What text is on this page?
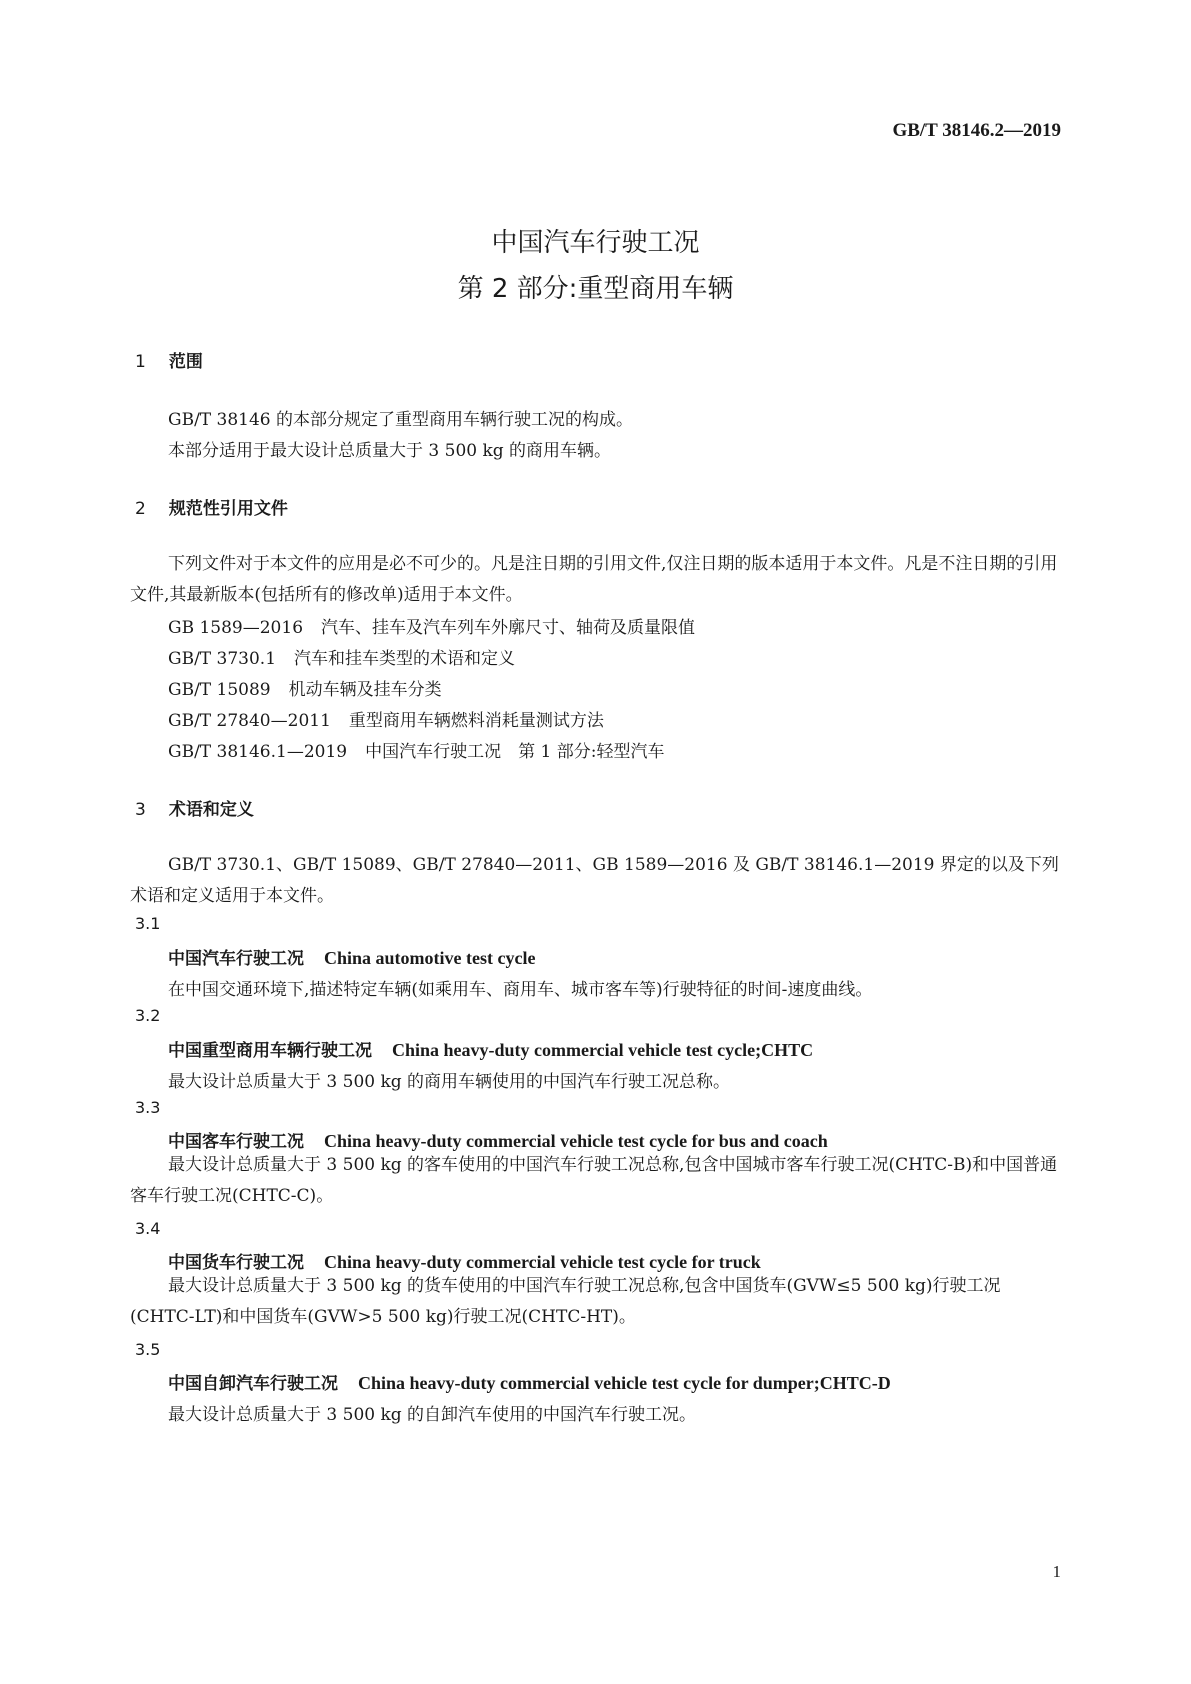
GB/T 38146.2—2019
中国汽车行驶工况
第 2 部分:重型商用车辆
1 范围
GB/T 38146 的本部分规定了重型商用车辆行驶工况的构成。
本部分适用于最大设计总质量大于 3 500 kg 的商用车辆。
2 规范性引用文件
下列文件对于本文件的应用是必不可少的。凡是注日期的引用文件,仅注日期的版本适用于本文件。凡是不注日期的引用文件,其最新版本(包括所有的修改单)适用于本文件。
GB 1589—2016 汽车、挂车及汽车列车外廓尺寸、轴荷及质量限值
GB/T 3730.1 汽车和挂车类型的术语和定义
GB/T 15089 机动车辆及挂车分类
GB/T 27840—2011 重型商用车辆燃料消耗量测试方法
GB/T 38146.1—2019 中国汽车行驶工况　第 1 部分:轻型汽车
3 术语和定义
GB/T 3730.1、GB/T 15089、GB/T 27840—2011、GB 1589—2016 及 GB/T 38146.1—2019 界定的以及下列术语和定义适用于本文件。
3.1
中国汽车行驶工况 China automotive test cycle
在中国交通环境下,描述特定车辆(如乘用车、商用车、城市客车等)行驶特征的时间-速度曲线。
3.2
中国重型商用车辆行驶工况 China heavy-duty commercial vehicle test cycle;CHTC
最大设计总质量大于 3 500 kg 的商用车辆使用的中国汽车行驶工况总称。
3.3
中国客车行驶工况 China heavy-duty commercial vehicle test cycle for bus and coach
最大设计总质量大于 3 500 kg 的客车使用的中国汽车行驶工况总称,包含中国城市客车行驶工况(CHTC-B)和中国普通客车行驶工况(CHTC-C)。
3.4
中国货车行驶工况 China heavy-duty commercial vehicle test cycle for truck
最大设计总质量大于 3 500 kg 的货车使用的中国汽车行驶工况总称,包含中国货车(GVW≤5 500 kg)行驶工况(CHTC-LT)和中国货车(GVW>5 500 kg)行驶工况(CHTC-HT)。
3.5
中国自卸汽车行驶工况 China heavy-duty commercial vehicle test cycle for dumper;CHTC-D
最大设计总质量大于 3 500 kg 的自卸汽车使用的中国汽车行驶工况。
1
